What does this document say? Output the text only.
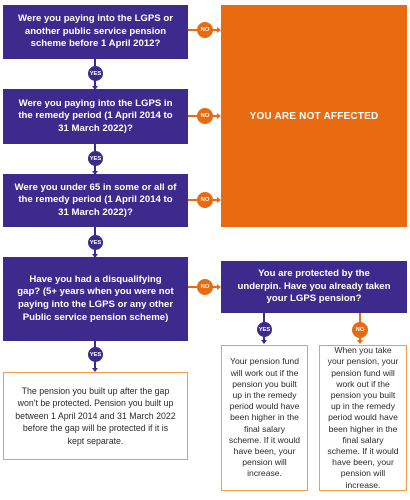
Were you paying into the LGPS or another public service pension scheme before 1 April 2012?
Were you paying into the LGPS in the remedy period (1 April 2014 to 31 March 2022)?
Were you under 65 in some or all of the remedy period (1 April 2014 to 31 March 2022)?
Have you had a disqualifying gap? (5+ years when you were not paying into the LGPS or any other Public service pension scheme)
You are protected by the underpin. Have you already taken your LGPS pension?
YOU ARE NOT AFFECTED
The pension you built up after the gap won't be protected. Pension you built up between 1 April 2014 and 31 March 2022 before the gap will be protected if it is kept separate.
Your pension fund will work out if the pension you built up in the remedy period would have been higher in the final salary scheme. If it would have been, your pension will increase.
When you take your pension, your pension fund will work out if the pension you built up in the remedy period would have been higher in the final salary scheme. If it would have been, your pension will increase.
YES
YES
YES
YES
YES
NO
NO
NO
NO
NO
